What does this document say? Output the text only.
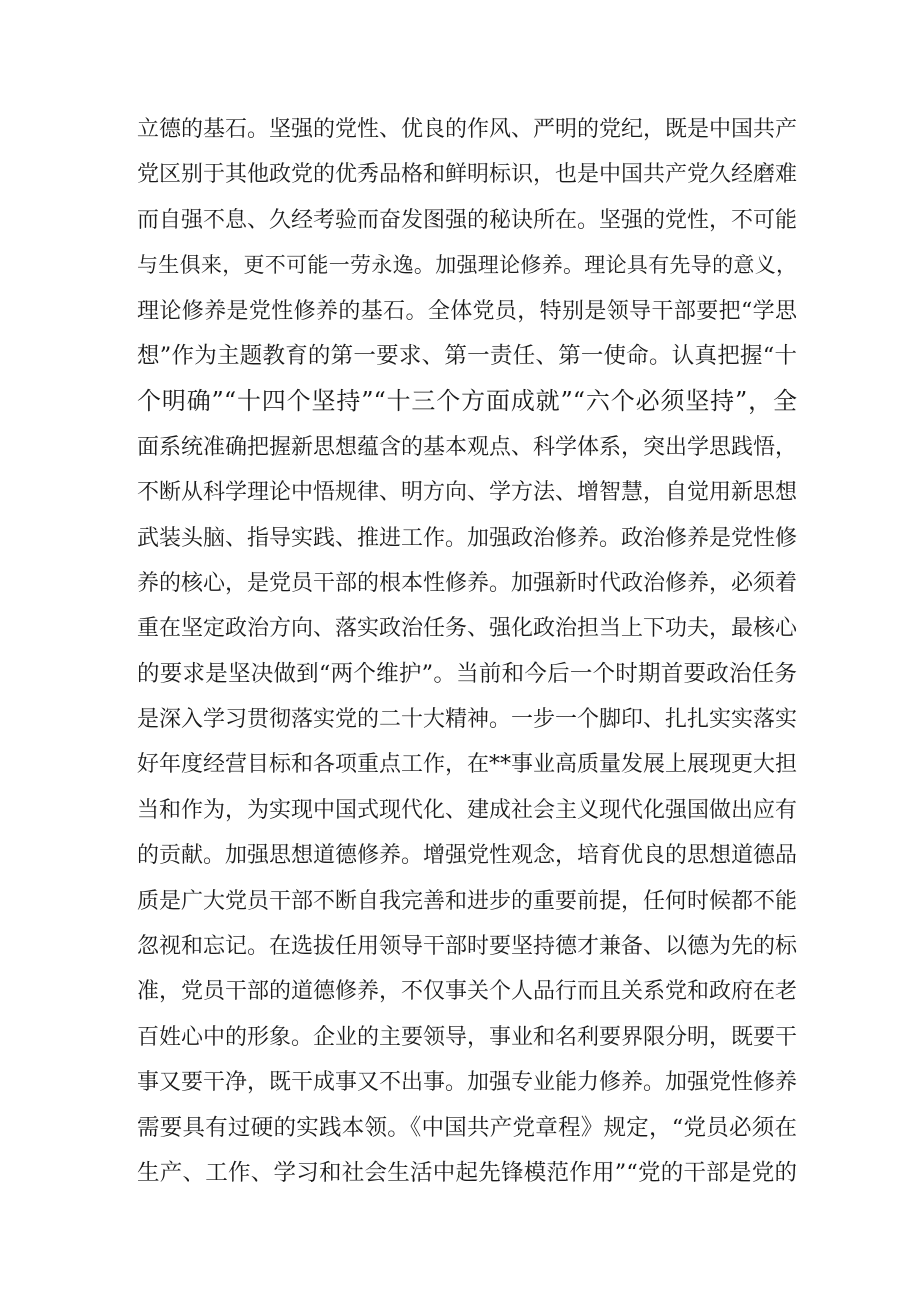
立德的基石。坚强的党性、优良的作风、严明的党纪，既是中国共产
党区别于其他政党的优秀品格和鲜明标识，也是中国共产党久经磨难
而自强不息、久经考验而奋发图强的秘诀所在。坚强的党性，不可能
与生俱来，更不可能一劳永逸。加强理论修养。理论具有先导的意义，
理论修养是党性修养的基石。全体党员，特别是领导干部要把“学思
想”作为主题教育的第一要求、第一责任、第一使命。认真把握“十
个明确”“十四个坚持”“十三个方面成就”“六个必须坚持”，全
面系统准确把握新思想蕴含的基本观点、科学体系，突出学思践悟，
不断从科学理论中悟规律、明方向、学方法、增智慧，自觉用新思想
武装头脑、指导实践、推进工作。加强政治修养。政治修养是党性修
养的核心，是党员干部的根本性修养。加强新时代政治修养，必须着
重在坚定政治方向、落实政治任务、强化政治担当上下功夫，最核心
的要求是坚决做到“两个维护”。当前和今后一个时期首要政治任务
是深入学习贯彻落实党的二十大精神。一步一个脚印、扎扎实实落实
好年度经营目标和各项重点工作，在**事业高质量发展上展现更大担
当和作为，为实现中国式现代化、建成社会主义现代化强国做出应有
的贡献。加强思想道德修养。增强党性观念，培育优良的思想道德品
质是广大党员干部不断自我完善和进步的重要前提，任何时候都不能
忽视和忘记。在选拔任用领导干部时要坚持德才兼备、以德为先的标
准，党员干部的道德修养，不仅事关个人品行而且关系党和政府在老
百姓心中的形象。企业的主要领导，事业和名利要界限分明，既要干
事又要干净，既干成事又不出事。加强专业能力修养。加强党性修养
需要具有过硬的实践本领。《中国共产党章程》规定，“党员必须在
生产、工作、学习和社会生活中起先锋模范作用”“党的干部是党的
